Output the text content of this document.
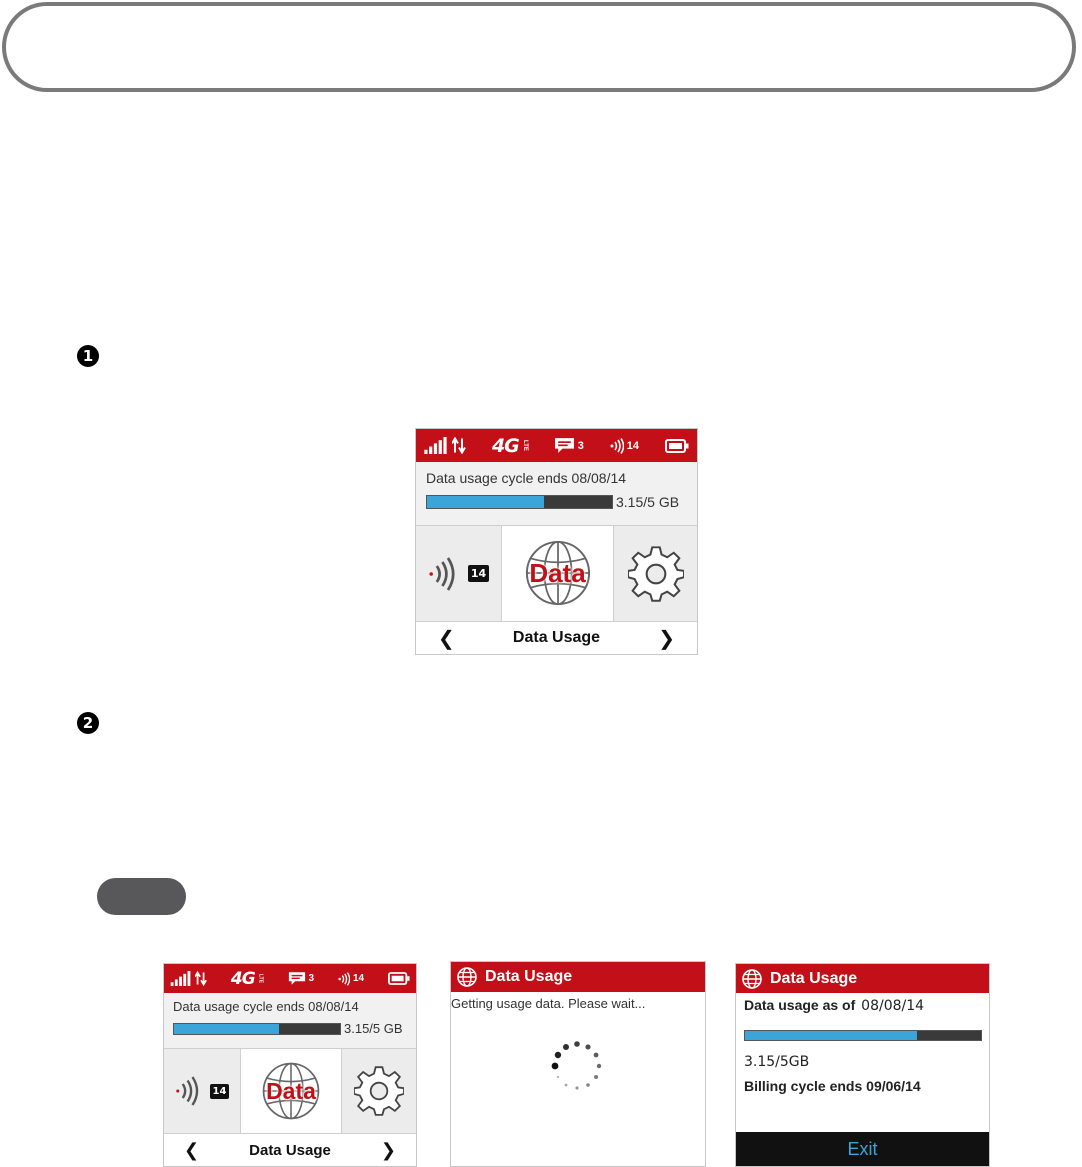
1
4G LTE	3	14
Data usage cycle ends 08/08/14
3.15/5 GB
14 Data
❮	Data Usage	❯
2
4G LTE	3	14
Data usage cycle ends 08/08/14
3.15/5 GB
14 Data
❮	Data Usage	❯
Data Usage
Getting usage data. Please wait...
Data Usage
Data usage as of 08/08/14
3.15/5GB
Billing cycle ends 09/06/14
Exit
